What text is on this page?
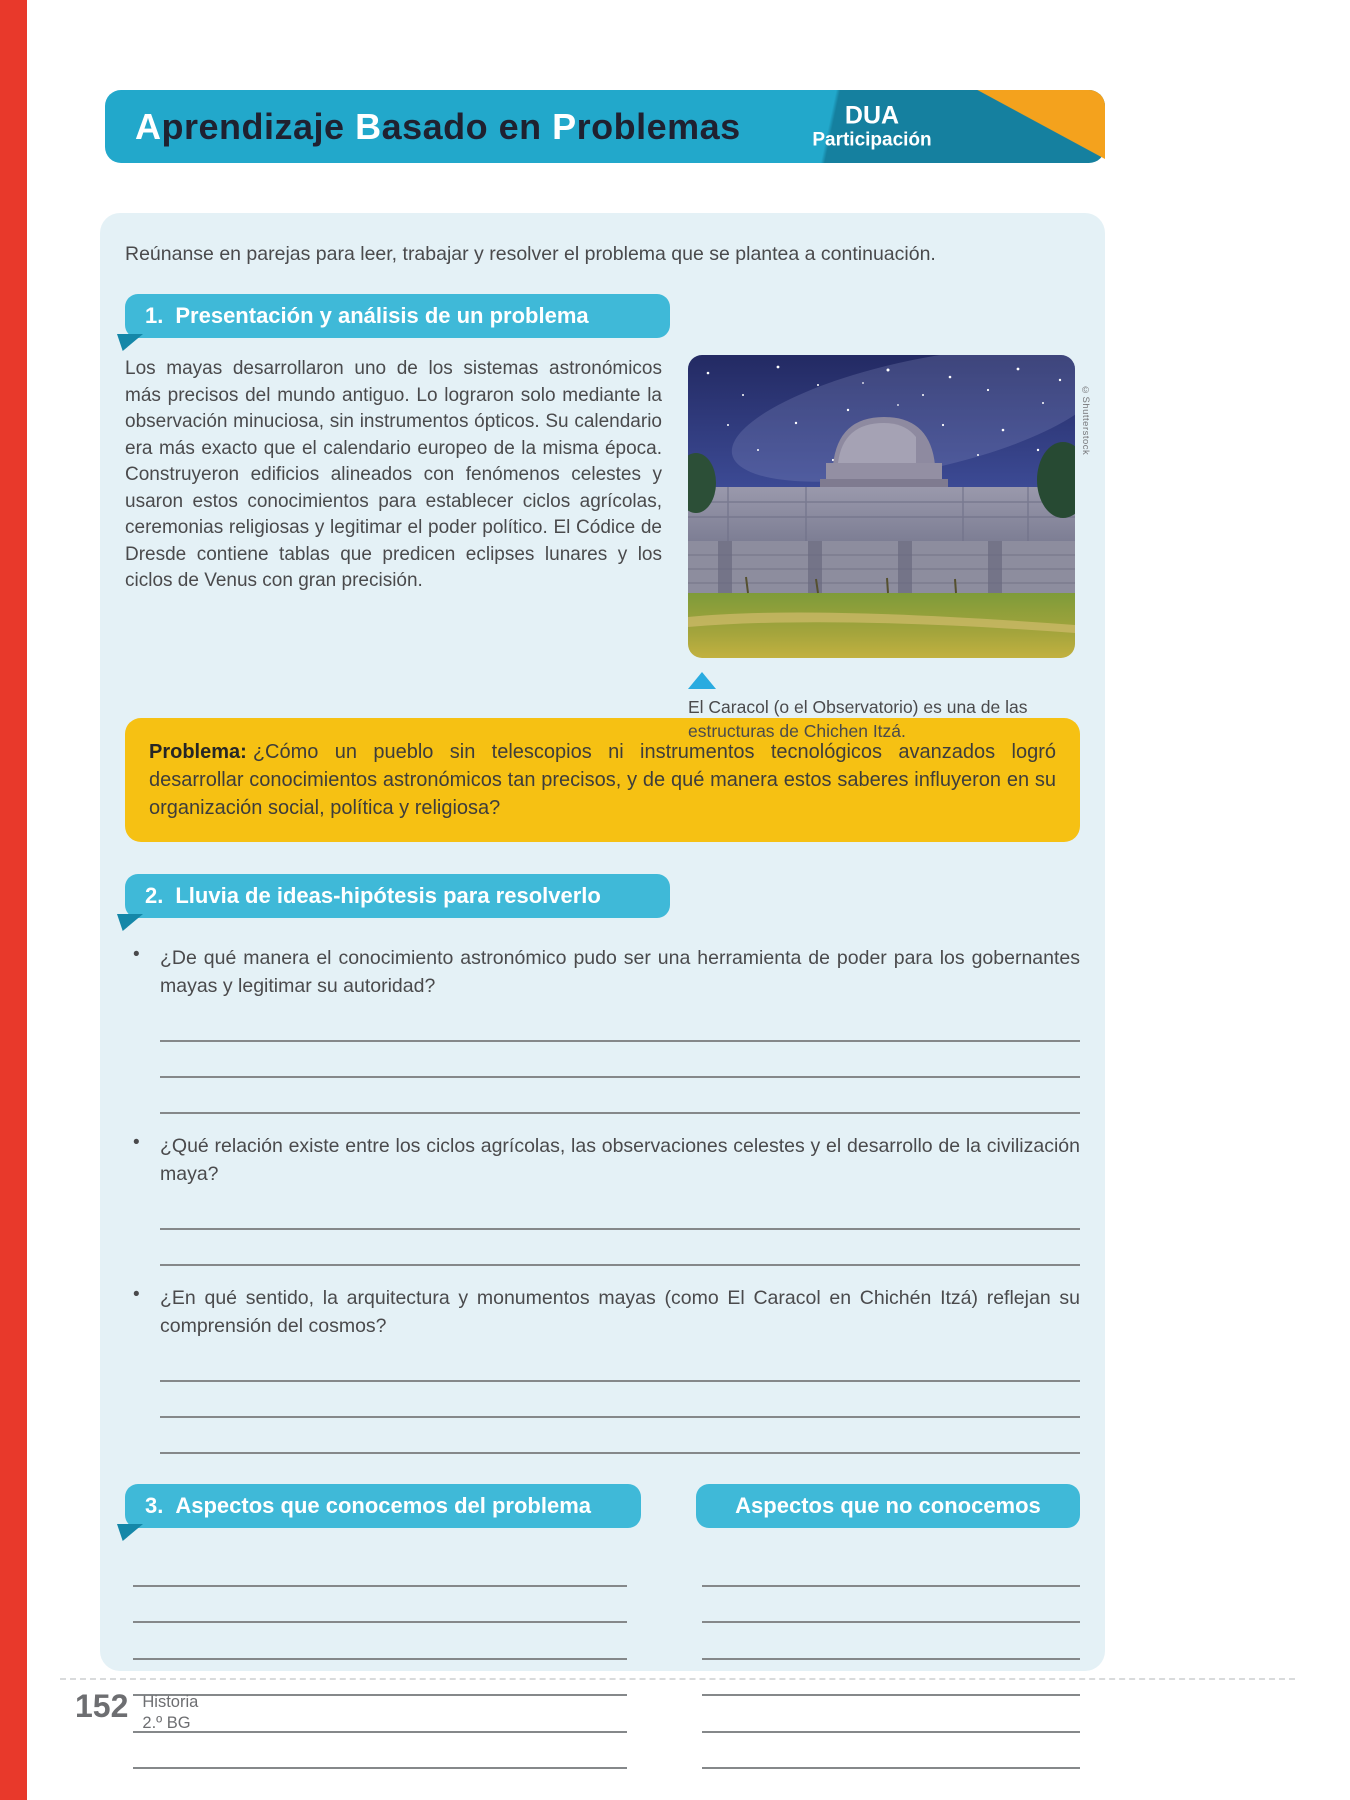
Aprendizaje Basado en Problemas	DUA
Participación

Reúnanse en parejas para leer, trabajar y resolver el problema que se plantea a continuación.

1. Presentación y análisis de un problema

Los mayas desarrollaron uno de los sistemas astronómicos más precisos del mundo antiguo. Lo lograron solo mediante la observación minuciosa, sin instrumentos ópticos. Su calendario era más exacto que el calendario europeo de la misma época. Construyeron edificios alineados con fenómenos celestes y usaron estos conocimientos para establecer ciclos agrícolas, ceremonias religiosas y legitimar el poder político. El Códice de Dresde contiene tablas que predicen eclipses lunares y los ciclos de Venus con gran precisión.

©Shutterstock
El Caracol (o el Observatorio) es una de las estructuras de Chichen Itzá.
Problema: ¿Cómo un pueblo sin telescopios ni instrumentos tecnológicos avanzados logró desarrollar conocimientos astronómicos tan precisos, y de qué manera estos saberes influyeron en su organización social, política y religiosa?
2. Lluvia de ideas-hipótesis para resolverlo
• ¿De qué manera el conocimiento astronómico pudo ser una herramienta de poder para los gobernantes mayas y legitimar su autoridad?

• ¿Qué relación existe entre los ciclos agrícolas, las observaciones celestes y el desarrollo de la civilización maya?

• ¿En qué sentido, la arquitectura y monumentos mayas (como El Caracol en Chichén Itzá) reflejan su comprensión del cosmos?

3. Aspectos que conocemos del problema	Aspectos que no conocemos
152 Historia
2.º BG
